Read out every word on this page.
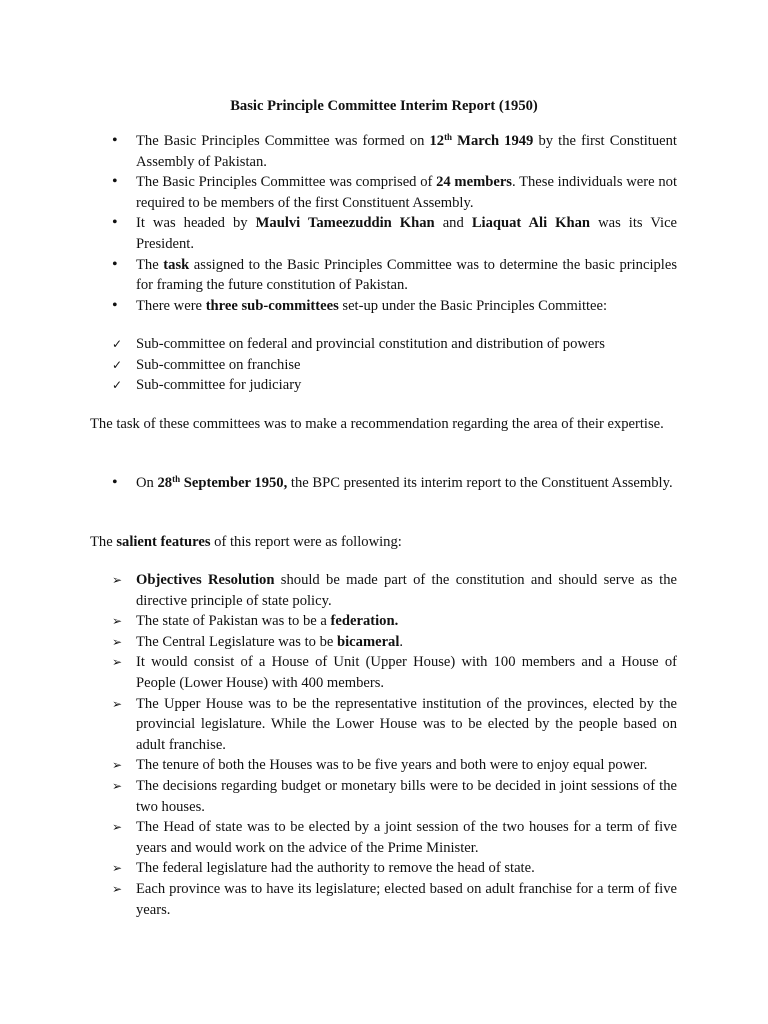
Basic Principle Committee Interim Report (1950)
•	The Basic Principles Committee was formed on 12th March 1949 by the first Constituent Assembly of Pakistan.
•	The Basic Principles Committee was comprised of 24 members. These individuals were not required to be members of the first Constituent Assembly.
•	It was headed by Maulvi Tameezuddin Khan and Liaquat Ali Khan was its Vice President.
•	The task assigned to the Basic Principles Committee was to determine the basic principles for framing the future constitution of Pakistan.
•	There were three sub-committees set-up under the Basic Principles Committee:
✓ Sub-committee on federal and provincial constitution and distribution of powers
✓ Sub-committee on franchise
✓ Sub-committee for judiciary

The task of these committees was to make a recommendation regarding the area of their expertise.

•	On 28th September 1950, the BPC presented its interim report to the Constituent Assembly.

The salient features of this report were as following:

➢ Objectives Resolution should be made part of the constitution and should serve as the directive principle of state policy.
➢ The state of Pakistan was to be a federation.
➢ The Central Legislature was to be bicameral.
➢ It would consist of a House of Unit (Upper House) with 100 members and a House of People (Lower House) with 400 members.
➢ The Upper House was to be the representative institution of the provinces, elected by the provincial legislature. While the Lower House was to be elected by the people based on adult franchise.
➢ The tenure of both the Houses was to be five years and both were to enjoy equal power.
➢ The decisions regarding budget or monetary bills were to be decided in joint sessions of the two houses.
➢ The Head of state was to be elected by a joint session of the two houses for a term of five years and would work on the advice of the Prime Minister.
➢ The federal legislature had the authority to remove the head of state.
➢ Each province was to have its legislature; elected based on adult franchise for a term of five years.
